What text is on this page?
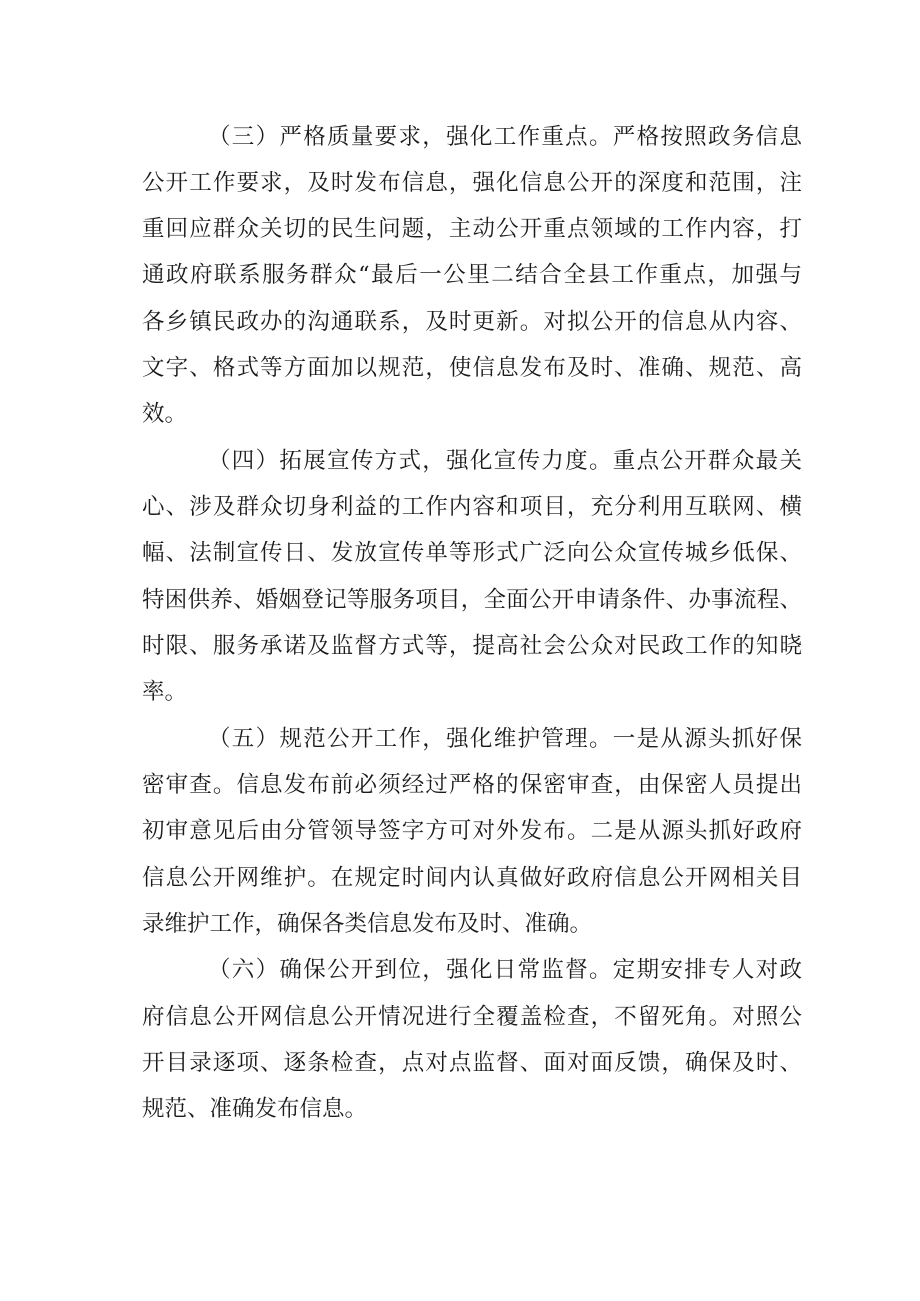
（三）严格质量要求，强化工作重点。严格按照政务信息
公开工作要求，及时发布信息，强化信息公开的深度和范围，注
重回应群众关切的民生问题，主动公开重点领域的工作内容，打
通政府联系服务群众“最后一公里二结合全县工作重点，加强与
各乡镇民政办的沟通联系，及时更新。对拟公开的信息从内容、
文字、格式等方面加以规范，使信息发布及时、准确、规范、高
效。
（四）拓展宣传方式，强化宣传力度。重点公开群众最关
心、涉及群众切身利益的工作内容和项目，充分利用互联网、横
幅、法制宣传日、发放宣传单等形式广泛向公众宣传城乡低保、
特困供养、婚姻登记等服务项目，全面公开申请条件、办事流程、
时限、服务承诺及监督方式等，提高社会公众对民政工作的知晓
率。
（五）规范公开工作，强化维护管理。一是从源头抓好保
密审查。信息发布前必须经过严格的保密审查，由保密人员提出
初审意见后由分管领导签字方可对外发布。二是从源头抓好政府
信息公开网维护。在规定时间内认真做好政府信息公开网相关目
录维护工作，确保各类信息发布及时、准确。
（六）确保公开到位，强化日常监督。定期安排专人对政
府信息公开网信息公开情况进行全覆盖检查，不留死角。对照公
开目录逐项、逐条检查，点对点监督、面对面反馈，确保及时、
规范、准确发布信息。
